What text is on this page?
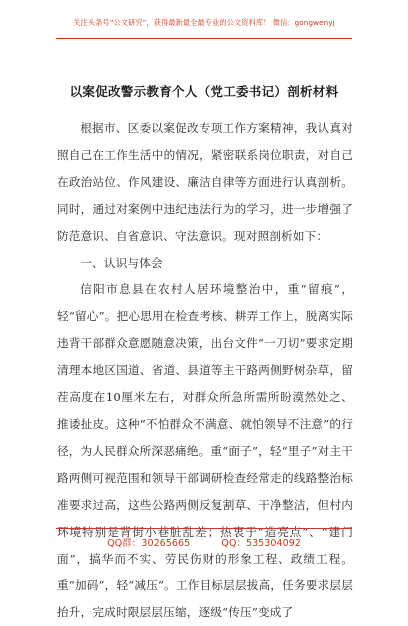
关注头条号“公文研究”，获得最新最全最专业的公文资料库！ 微信：gongwenyj
以案促改警示教育个人（党工委书记）剖析材料

根据市、区委以案促改专项工作方案精神，我认真对照自己在工作生活中的情况，紧密联系岗位职责，对自己在政治站位、作风建设、廉洁自律等方面进行认真剖析。同时，通过对案例中违纪违法行为的学习，进一步增强了防范意识、自省意识、守法意识。现对照剖析如下：

一、认识与体会

信阳市息县在农村人居环境整治中，重“留痕”，轻“留心”。把心思用在检查考核、耕弄工作上，脱离实际违背干部群众意愿随意决策，出台文件“一刀切”要求定期清理本地区国道、省道、县道等主干路两侧野树杂草，留茬高度在10厘米左右，对群众所急所需所盼漠然处之、推诿扯皮。这种“不怕群众不满意、就怕领导不注意”的行径，为人民群众所深恶痛绝。重“面子”，轻“里子”对主干路两侧可视范围和领导干部调研检查经常走的线路整治标准要求过高，这些公路两侧反复割草、干净整洁，但村内环境特别是背街小巷脏乱差；热衷于“造亮点”、“建门面”，搞华而不实、劳民伤财的形象工程、政绩工程。重“加码”，轻“减压”。工作目标层层拔高，任务要求层层抬升，完成时限层层压缩，逐级“传压”变成了

QQ群：30265665	QQ：535304092
